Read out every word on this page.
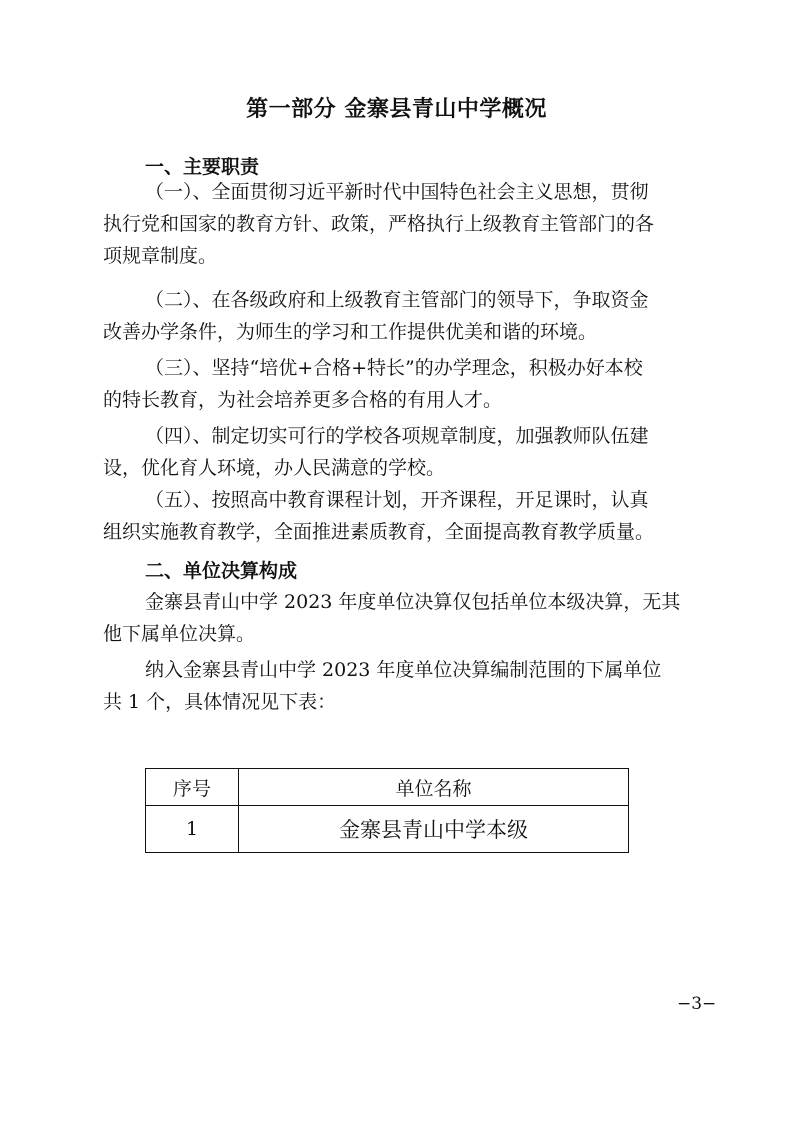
第一部分 金寨县青山中学概况
一、主要职责
（一）、全面贯彻习近平新时代中国特色社会主义思想，贯彻
执行党和国家的教育方针、政策，严格执行上级教育主管部门的各
项规章制度。
（二）、在各级政府和上级教育主管部门的领导下，争取资金
改善办学条件，为师生的学习和工作提供优美和谐的环境。
（三）、坚持“培优+合格+特长”的办学理念，积极办好本校
的特长教育，为社会培养更多合格的有用人才。
（四）、制定切实可行的学校各项规章制度，加强教师队伍建
设，优化育人环境，办人民满意的学校。
（五）、按照高中教育课程计划，开齐课程，开足课时，认真
组织实施教育教学，全面推进素质教育，全面提高教育教学质量。
二、单位决算构成
金寨县青山中学 2023 年度单位决算仅包括单位本级决算，无其
他下属单位决算。
纳入金寨县青山中学 2023 年度单位决算编制范围的下属单位
共 1 个，具体情况见下表：
序号	单位名称
1	金寨县青山中学本级
−3−
